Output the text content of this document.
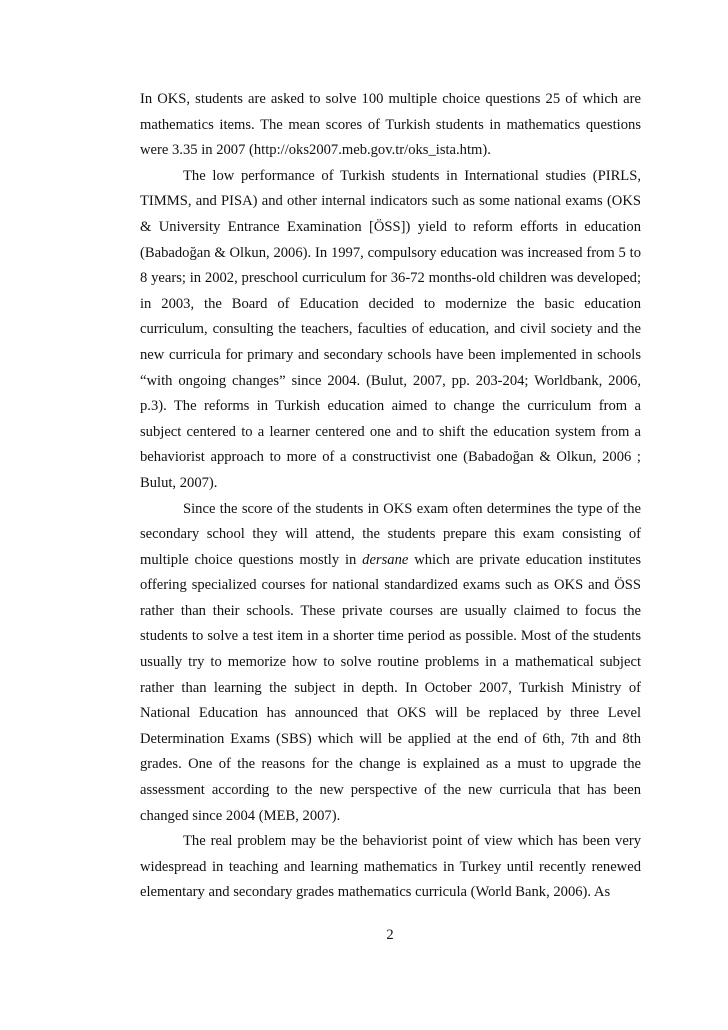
In OKS, students are asked to solve 100 multiple choice questions 25 of which are mathematics items. The mean scores of Turkish students in mathematics questions were 3.35 in 2007 (http://oks2007.meb.gov.tr/oks_ista.htm).

The low performance of Turkish students in International studies (PIRLS, TIMMS, and PISA) and other internal indicators such as some national exams (OKS & University Entrance Examination [ÖSS]) yield to reform efforts in education (Babadoğan & Olkun, 2006). In 1997, compulsory education was increased from 5 to 8 years; in 2002, preschool curriculum for 36-72 months-old children was developed; in 2003, the Board of Education decided to modernize the basic education curriculum, consulting the teachers, faculties of education, and civil society and the new curricula for primary and secondary schools have been implemented in schools “with ongoing changes” since 2004. (Bulut, 2007, pp. 203-204; Worldbank, 2006, p.3). The reforms in Turkish education aimed to change the curriculum from a subject centered to a learner centered one and to shift the education system from a behaviorist approach to more of a constructivist one (Babadoğan & Olkun, 2006 ; Bulut, 2007).

Since the score of the students in OKS exam often determines the type of the secondary school they will attend, the students prepare this exam consisting of multiple choice questions mostly in dersane which are private education institutes offering specialized courses for national standardized exams such as OKS and ÖSS rather than their schools. These private courses are usually claimed to focus the students to solve a test item in a shorter time period as possible. Most of the students usually try to memorize how to solve routine problems in a mathematical subject rather than learning the subject in depth. In October 2007, Turkish Ministry of National Education has announced that OKS will be replaced by three Level Determination Exams (SBS) which will be applied at the end of 6th, 7th and 8th grades. One of the reasons for the change is explained as a must to upgrade the assessment according to the new perspective of the new curricula that has been changed since 2004 (MEB, 2007).

The real problem may be the behaviorist point of view which has been very widespread in teaching and learning mathematics in Turkey until recently renewed elementary and secondary grades mathematics curricula (World Bank, 2006). As

2
